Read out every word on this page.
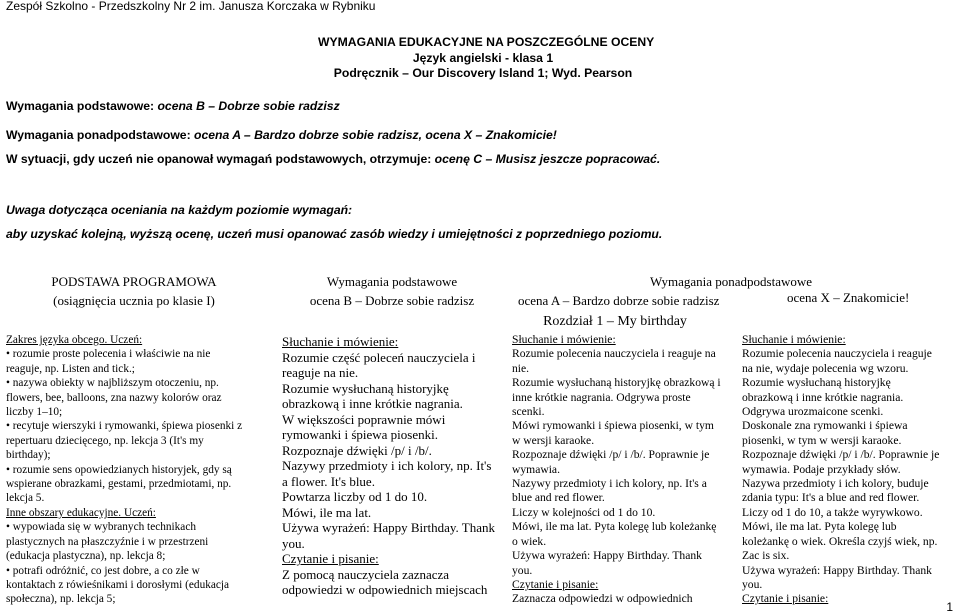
Zespół Szkolno - Przedszkolny Nr 2 im. Janusza Korczaka w Rybniku
WYMAGANIA EDUKACYJNE NA POSZCZEGÓLNE OCENY
Język angielski - klasa 1
Podręcznik – Our Discovery Island 1; Wyd. Pearson
Wymagania podstawowe: ocena B – Dobrze sobie radzisz
Wymagania ponadpodstawowe: ocena A – Bardzo dobrze sobie radzisz, ocena X – Znakomicie!
W sytuacji, gdy uczeń nie opanował wymagań podstawowych, otrzymuje: ocenę C – Musisz jeszcze popracować.
Uwaga dotycząca oceniania na każdym poziomie wymagań:
aby uzyskać kolejną, wyższą ocenę, uczeń musi opanować zasób wiedzy i umiejętności z poprzedniego poziomu.
PODSTAWA PROGRAMOWA
(osiągnięcia ucznia po klasie I)
Wymagania podstawowe
ocena B – Dobrze sobie radzisz
Wymagania ponadpodstawowe
ocena A – Bardzo dobrze sobie radzisz	ocena X – Znakomicie!
Rozdział 1 – My birthday
Zakres języka obcego. Uczeń:
• rozumie proste polecenia i właściwie na nie
reaguje, np. Listen and tick.;
• nazywa obiekty w najbliższym otoczeniu, np.
flowers, bee, balloons, zna nazwy kolorów oraz
liczby 1–10;
• recytuje wierszyki i rymowanki, śpiewa piosenki z
repertuaru dziecięcego, np. lekcja 3 (It's my
birthday);
• rozumie sens opowiedzianych historyjek, gdy są
wspierane obrazkami, gestami, przedmiotami, np.
lekcja 5.
Inne obszary edukacyjne. Uczeń:
• wypowiada się w wybranych technikach
plastycznych na płaszczyźnie i w przestrzeni
(edukacja plastyczna), np. lekcja 8;
• potrafi odróżnić, co jest dobre, a co złe w
kontaktach z rówieśnikami i dorosłymi (edukacja
społeczna), np. lekcja 5;
Słuchanie i mówienie:
Rozumie część poleceń nauczyciela i
reaguje na nie.
Rozumie wysłuchaną historyjkę
obrazkową i inne krótkie nagrania.
W większości poprawnie mówi
rymowanki i śpiewa piosenki.
Rozpoznaje dźwięki /p/ i /b/.
Nazywy przedmioty i ich kolory, np. It's
a flower. It's blue.
Powtarza liczby od 1 do 10.
Mówi, ile ma lat.
Używa wyrażeń: Happy Birthday. Thank
you.
Czytanie i pisanie:
Z pomocą nauczyciela zaznacza
odpowiedzi w odpowiednich miejscach
Słuchanie i mówienie:
Rozumie polecenia nauczyciela i reaguje na
nie.
Rozumie wysłuchaną historyjkę obrazkową i
inne krótkie nagrania. Odgrywa proste
scenki.
Mówi rymowanki i śpiewa piosenki, w tym
w wersji karaoke.
Rozpoznaje dźwięki /p/ i /b/. Poprawnie je
wymawia.
Nazywy przedmioty i ich kolory, np. It's a
blue and red flower.
Liczy w kolejności od 1 do 10.
Mówi, ile ma lat. Pyta kolegę lub koleżankę
o wiek.
Używa wyrażeń: Happy Birthday. Thank
you.
Czytanie i pisanie:
Zaznacza odpowiedzi w odpowiednich
Słuchanie i mówienie:
Rozumie polecenia nauczyciela i reaguje
na nie, wydaje polecenia wg wzoru.
Rozumie wysłuchaną historyjkę
obrazkową i inne krótkie nagrania.
Odgrywa urozmaicone scenki.
Doskonale zna rymowanki i śpiewa
piosenki, w tym w wersji karaoke.
Rozpoznaje dźwięki /p/ i /b/. Poprawnie je
wymawia. Podaje przykłady słów.
Nazywa przedmioty i ich kolory, buduje
zdania typu: It's a blue and red flower.
Liczy od 1 do 10, a także wyrywkowo.
Mówi, ile ma lat. Pyta kolegę lub
koleżankę o wiek. Określa czyjś wiek, np.
Zac is six.
Używa wyrażeń: Happy Birthday. Thank
you.
Czytanie i pisanie:
1
